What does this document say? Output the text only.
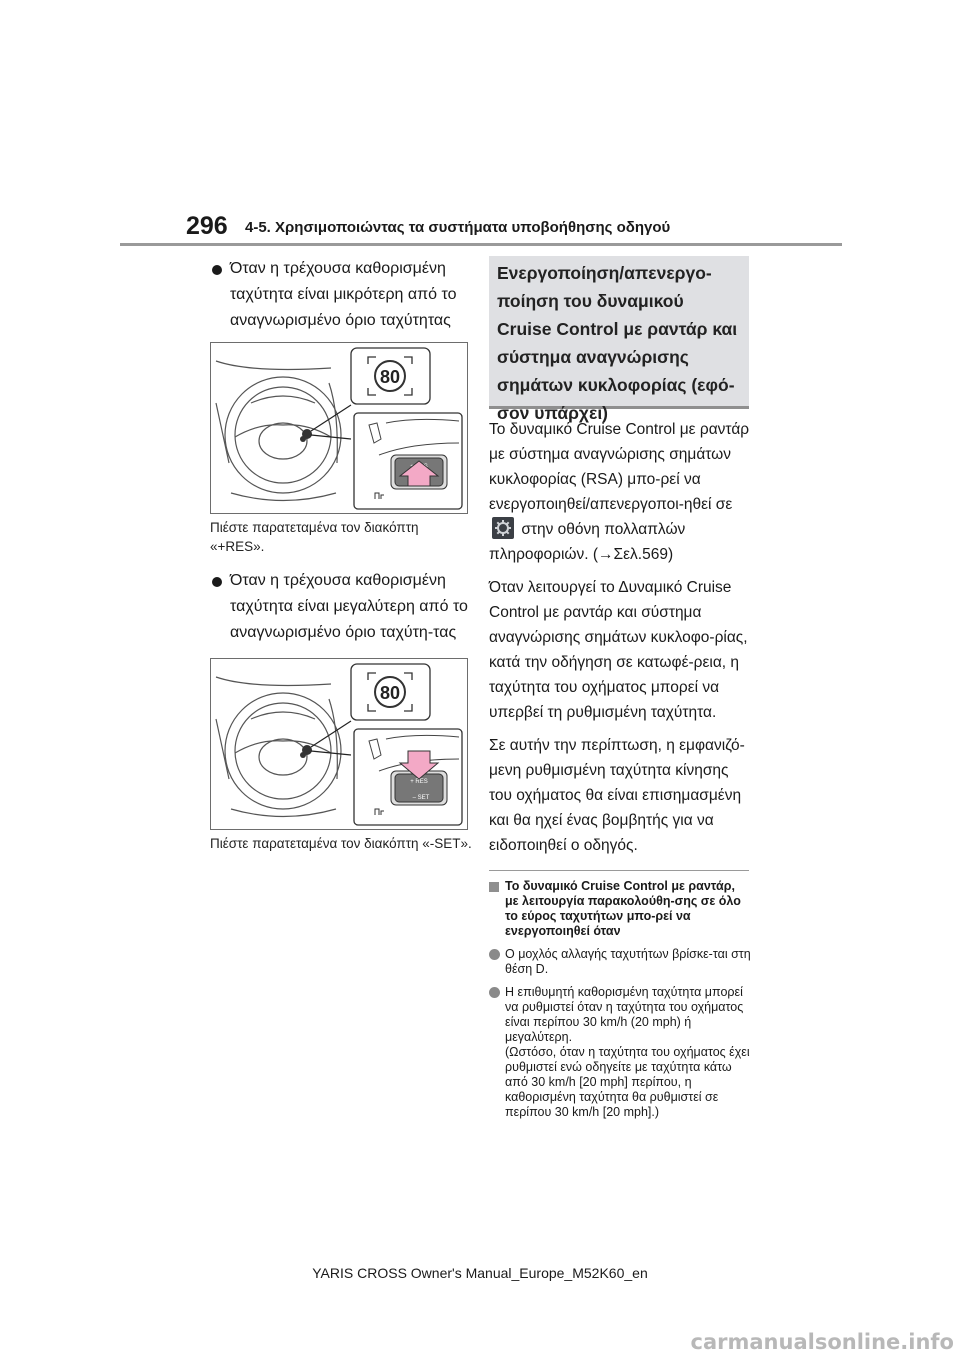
296 4-5. Χρησιμοποιώντας τα συστήματα υποβοήθησης οδηγού
Όταν η τρέχουσα καθορισμένη ταχύτητα είναι μικρότερη από το αναγνωρισμένο όριο ταχύτητας
80
Πιέστε παρατεταμένα τον διακόπτη «+RES».
Όταν η τρέχουσα καθορισμένη ταχύτητα είναι μεγαλύτερη από το αναγνωρισμένο όριο ταχύτη-τας
80
+ RES
– SET
Πιέστε παρατεταμένα τον διακόπτη «-SET».
Ενεργοποίηση/απενεργο-ποίηση του δυναμικού Cruise Control με ραντάρ και σύστημα αναγνώρισης σημάτων κυκλοφορίας (εφό-σον υπάρχει)

Το δυναμικό Cruise Control με ραντάρ με σύστημα αναγνώρισης σημάτων κυκλοφορίας (RSA) μπο-ρεί να ενεργοποιηθεί/απενεργοποι-ηθεί σε  στην οθόνη πολλαπλών πληροφοριών. (→Σελ.569)

Όταν λειτουργεί το Δυναμικό Cruise Control με ραντάρ και σύστημα αναγνώρισης σημάτων κυκλοφο-ρίας, κατά την οδήγηση σε κατωφέ-ρεια, η ταχύτητα του οχήματος μπορεί να υπερβεί τη ρυθμισμένη ταχύτητα.

Σε αυτήν την περίπτωση, η εμφανιζό-μενη ρυθμισμένη ταχύτητα κίνησης του οχήματος θα είναι επισημασμένη και θα ηχεί ένας βομβητής για να ειδοποιηθεί ο οδηγός.

Το δυναμικό Cruise Control με ραντάρ, με λειτουργία παρακολούθη-σης σε όλο το εύρος ταχυτήτων μπο-ρεί να ενεργοποιηθεί όταν
Ο μοχλός αλλαγής ταχυτήτων βρίσκε-ται στη θέση D.
Η επιθυμητή καθορισμένη ταχύτητα μπορεί να ρυθμιστεί όταν η ταχύτητα του οχήματος είναι περίπου 30 km/h (20 mph) ή μεγαλύτερη.
(Ωστόσο, όταν η ταχύτητα του οχήματος έχει ρυθμιστεί ενώ οδηγείτε με ταχύτητα κάτω από 30 km/h [20 mph] περίπου, η καθορισμένη ταχύτητα θα ρυθμιστεί σε περίπου 30 km/h [20 mph].)
YARIS CROSS Owner's Manual_Europe_M52K60_en
carmanualsonline.info
